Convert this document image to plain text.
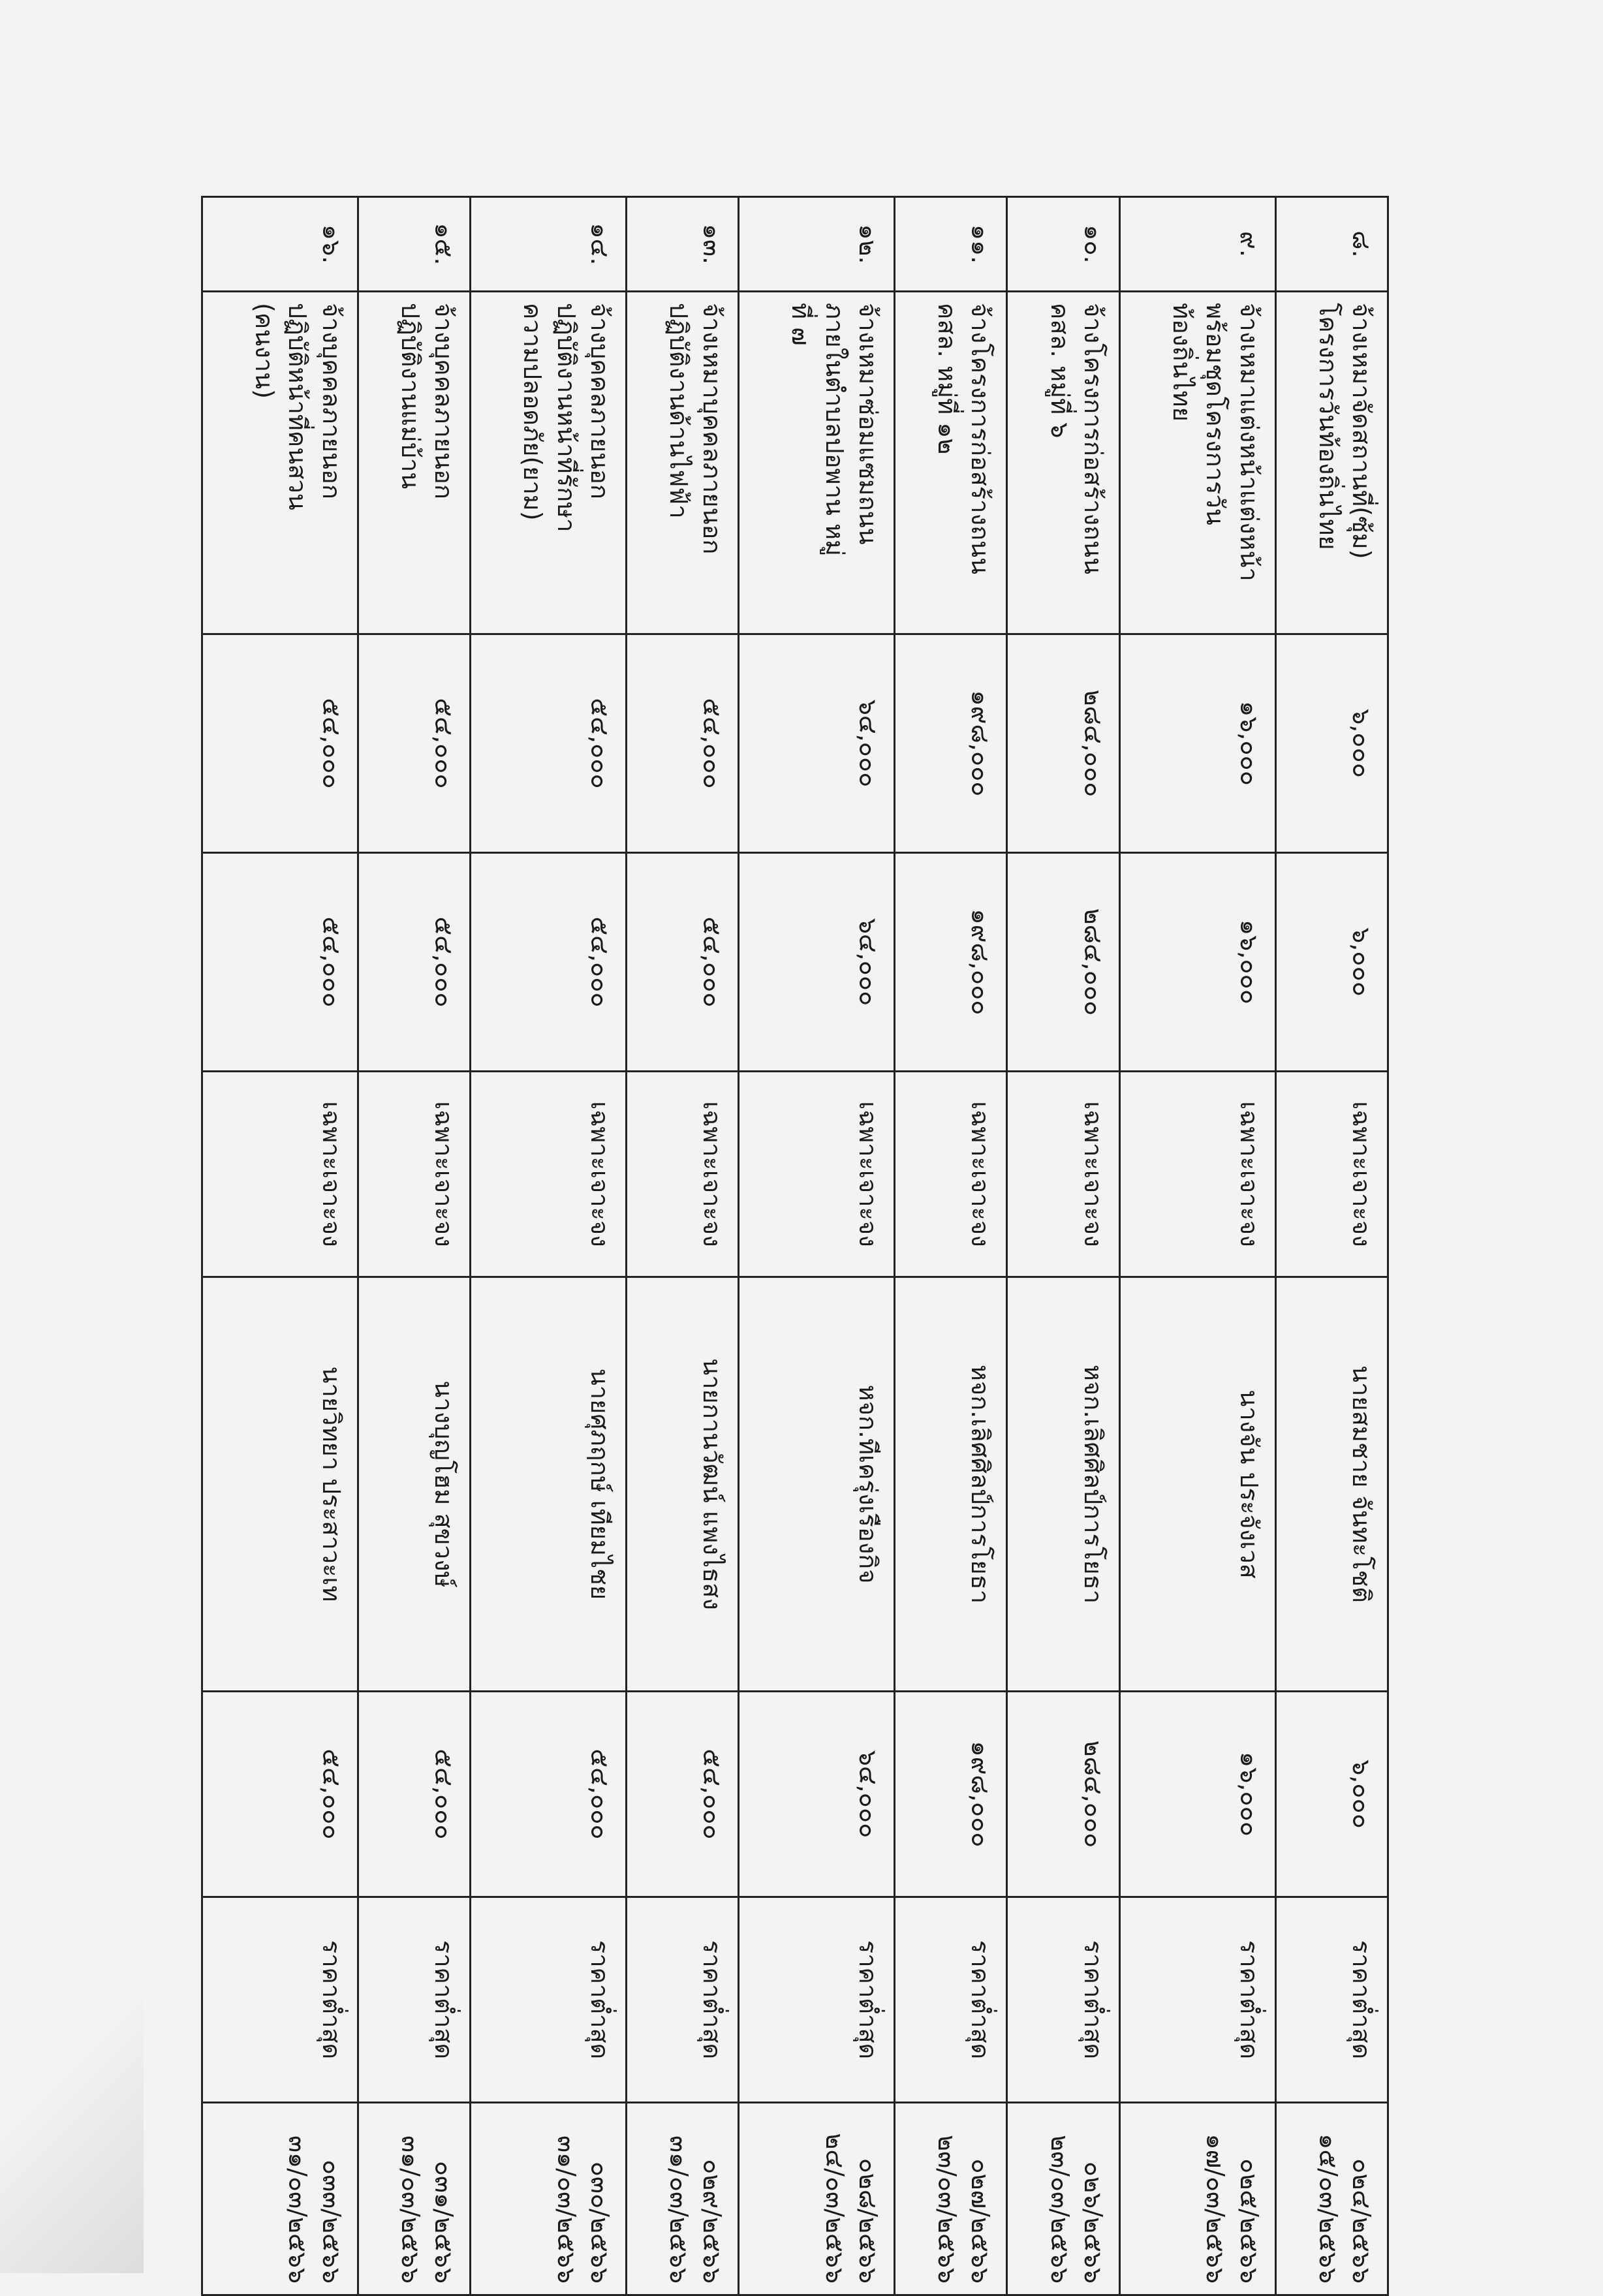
๘.	จ้างเหมาจัดสถานที่(ซุ้ม)
โครงการวันท้องถิ่นไทย	๖,๐๐๐	๖,๐๐๐	เฉพาะเจาะจง	นายสมชาย จันทะโชติ	๖,๐๐๐	ราคาต่ำสุด	๐๒๔/๒๕๖๖
๑๕/๐๓/๒๕๖๖

๙.	จ้างเหมาแต่งหน้าแต่งหน้า
พร้อมชุดโครงการวัน
ท้องถิ่นไทย	๑๖,๐๐๐	๑๖,๐๐๐	เฉพาะเจาะจง	นางจัน ประจังเวส	๑๖,๐๐๐	ราคาต่ำสุด	๐๒๕/๒๕๖๖
๑๗/๐๓/๒๕๖๖

๑๐.	จ้างโครงการก่อสร้างถนน
คสล. หมู่ที่ ๖	๒๘๔,๐๐๐	๒๘๔,๐๐๐	เฉพาะเจาะจง	หจก.เลิศศิลป์การโยธา	๒๘๔,๐๐๐	ราคาต่ำสุด	๐๒๖/๒๕๖๖
๒๓/๐๓/๒๕๖๖

๑๑.	จ้างโครงการก่อสร้างถนน
คสล. หมู่ที่ ๑๒	๑๙๘,๐๐๐	๑๙๘,๐๐๐	เฉพาะเจาะจง	หจก.เลิศศิลป์การโยธา	๑๙๘,๐๐๐	ราคาต่ำสุด	๐๒๗/๒๕๖๖
๒๓/๐๓/๒๕๖๖

๑๒.	จ้างเหมาซ่อมแซมถนน
ภายในตำบลปอพาน หมู่
ที่ ๗	๖๔,๐๐๐	๖๔,๐๐๐	เฉพาะเจาะจง	หจก.ทีเครุ่งเรืองกิจ	๖๔,๐๐๐	ราคาต่ำสุด	๐๒๘/๒๕๖๖
๒๔/๐๓/๒๕๖๖

๑๓.	จ้างเหมาบุคคลภายนอก
ปฏิบัติงานด้านไฟฟ้า	๕๔,๐๐๐	๕๔,๐๐๐	เฉพาะเจาะจง	นายกานวัฒน์ แพงไธสง	๕๔,๐๐๐	ราคาต่ำสุด	๐๒๙/๒๕๖๖
๓๑/๐๓/๒๕๖๖

๑๔.	จ้างบุคคลภายนอก
ปฏิบัติงานหน้าที่รักษา
ความปลอดภัย(ยาม)	๕๔,๐๐๐	๕๔,๐๐๐	เฉพาะเจาะจง	นายศุภฤกษ์ เทียมไชย	๕๔,๐๐๐	ราคาต่ำสุด	๐๓๐/๒๕๖๖
๓๑/๐๓/๒๕๖๖

๑๕.	จ้างบุคคลภายนอก
ปฏิบัติงานแม่บ้าน	๕๔,๐๐๐	๕๔,๐๐๐	เฉพาะเจาะจง	นางบุญโฮม สุขวงษ์	๕๔,๐๐๐	ราคาต่ำสุด	๐๓๑/๒๕๖๖
๓๑/๐๓/๒๕๖๖

๑๖.	จ้างบุคคลภายนอก
ปฏิบัติหน้าที่คนสวน
(คนงาน)	๕๔,๐๐๐	๕๔,๐๐๐	เฉพาะเจาะจง	นายวิทยา ประสาวะเท	๕๔,๐๐๐	ราคาต่ำสุด	๐๓๓/๒๕๖๖
๓๑/๐๓/๒๕๖๖
